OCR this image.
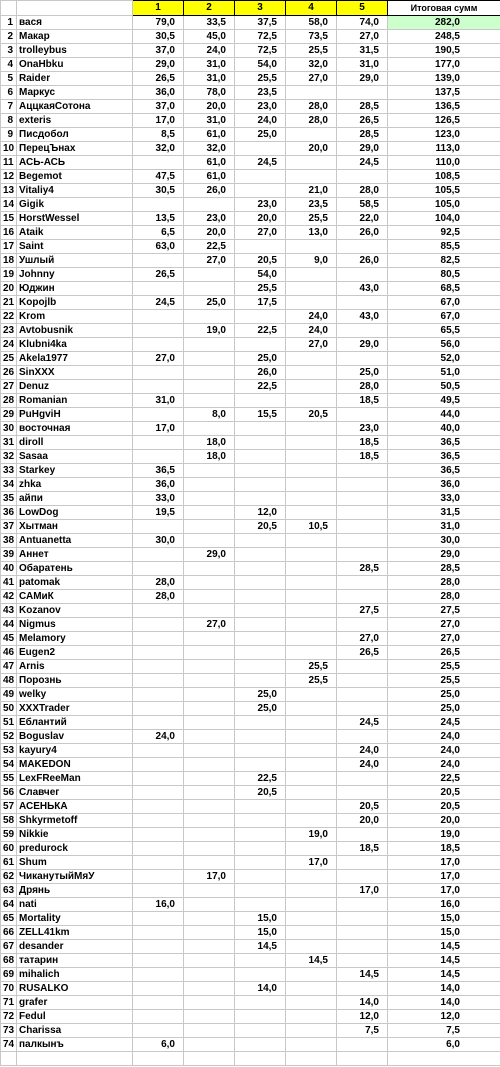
		1	2	3	4	5	Итоговая сумм
1	вася	79,0	33,5	37,5	58,0	74,0	282,0
2	Макар	30,5	45,0	72,5	73,5	27,0	248,5
3	trolleybus	37,0	24,0	72,5	25,5	31,5	190,5
4	OnaHbku	29,0	31,0	54,0	32,0	31,0	177,0
5	Raider	26,5	31,0	25,5	27,0	29,0	139,0
6	Маркус	36,0	78,0	23,5			137,5
7	АццкаяСотона	37,0	20,0	23,0	28,0	28,5	136,5
8	exteris	17,0	31,0	24,0	28,0	26,5	126,5
9	Писдобол	8,5	61,0	25,0		28,5	123,0
10	ПерецЪнах	32,0	32,0		20,0	29,0	113,0
11	АСЬ-АСЬ		61,0	24,5		24,5	110,0
12	Begemot	47,5	61,0				108,5
13	Vitaliy4	30,5	26,0		21,0	28,0	105,5
14	Gigik			23,0	23,5	58,5	105,0
15	HorstWessel	13,5	23,0	20,0	25,5	22,0	104,0
16	Ataik	6,5	20,0	27,0	13,0	26,0	92,5
17	Saint	63,0	22,5				85,5
18	Ушлый		27,0	20,5	9,0	26,0	82,5
19	Johnny	26,5		54,0			80,5
20	Юджин			25,5		43,0	68,5
21	Kopojlb	24,5	25,0	17,5			67,0
22	Krom				24,0	43,0	67,0
23	Avtobusnik		19,0	22,5	24,0		65,5
24	Klubni4ka				27,0	29,0	56,0
25	Akela1977	27,0		25,0			52,0
26	SinXXX			26,0		25,0	51,0
27	Denuz			22,5		28,0	50,5
28	Romanian	31,0				18,5	49,5
29	PuHgviH		8,0	15,5	20,5		44,0
30	восточная	17,0				23,0	40,0
31	diroll		18,0			18,5	36,5
32	Sasaa		18,0			18,5	36,5
33	Starkey	36,5					36,5
34	zhka	36,0					36,0
35	айпи	33,0					33,0
36	LowDog	19,5		12,0			31,5
37	Хытман			20,5	10,5		31,0
38	Antuanetta	30,0					30,0
39	Аннет		29,0				29,0
40	Обаратень					28,5	28,5
41	patomak	28,0					28,0
42	САМиК	28,0					28,0
43	Kozanov					27,5	27,5
44	Nigmus		27,0				27,0
45	Melamory					27,0	27,0
46	Eugen2					26,5	26,5
47	Arnis				25,5		25,5
48	Порознь				25,5		25,5
49	welky			25,0			25,0
50	XXXTrader			25,0			25,0
51	Еблантий					24,5	24,5
52	Boguslav	24,0					24,0
53	kayury4					24,0	24,0
54	MAKEDON					24,0	24,0
55	LexFReeMan			22,5			22,5
56	Славчег			20,5			20,5
57	АСЕНЬКА					20,5	20,5
58	Shkyrmetoff					20,0	20,0
59	Nikkie				19,0		19,0
60	predurock					18,5	18,5
61	Shum				17,0		17,0
62	ЧиканутыйМяУ		17,0				17,0
63	Дрянь					17,0	17,0
64	nati	16,0					16,0
65	Mortality			15,0			15,0
66	ZELL41km			15,0			15,0
67	desander			14,5			14,5
68	татарин				14,5		14,5
69	mihalich					14,5	14,5
70	RUSALKO			14,0			14,0
71	grafer					14,0	14,0
72	Fedul					12,0	12,0
73	Charissa					7,5	7,5
74	палкынъ	6,0					6,0
